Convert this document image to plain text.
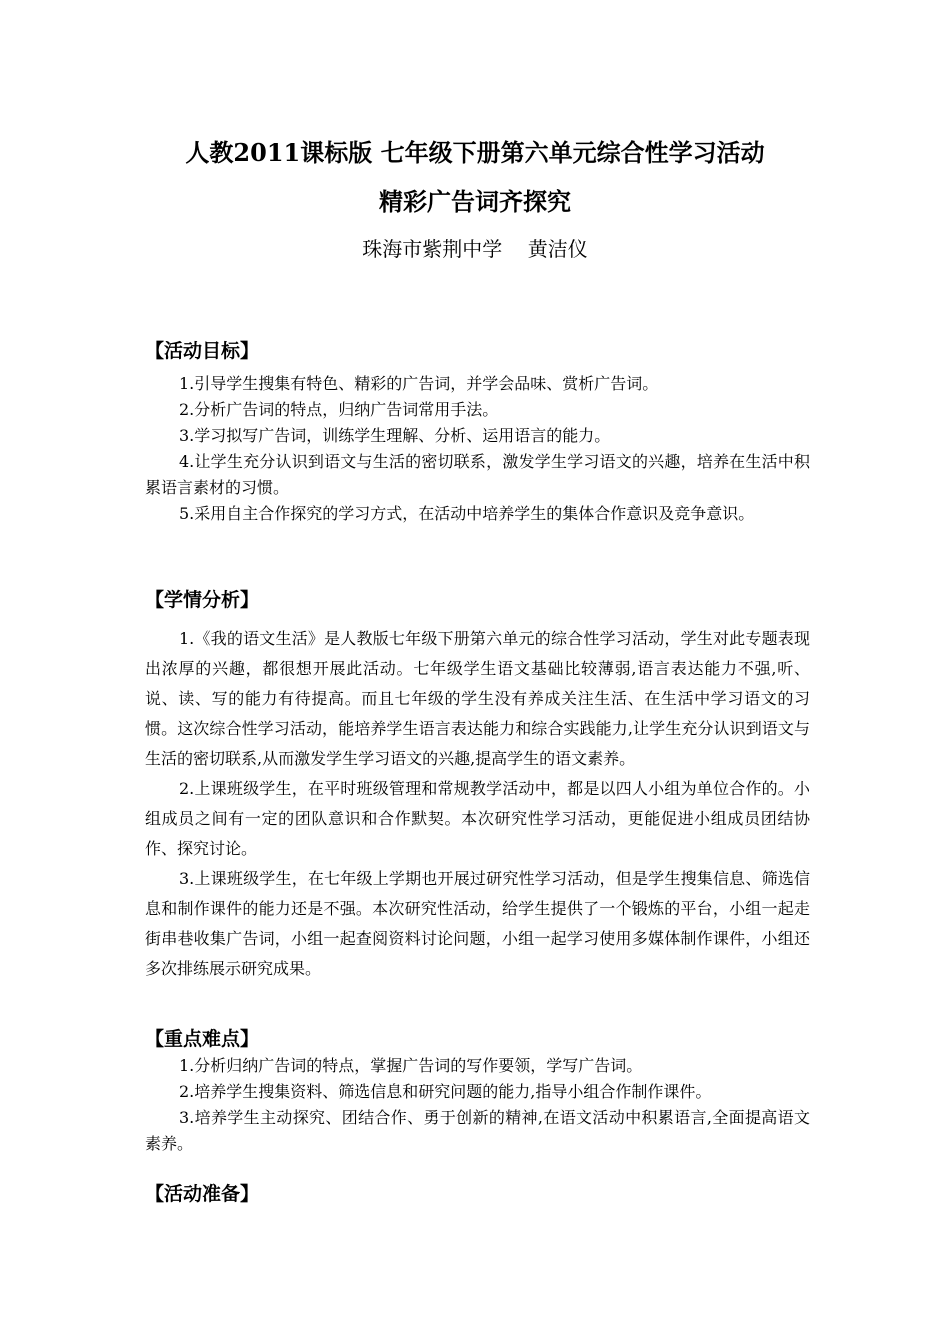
人教2011课标版 七年级下册第六单元综合性学习活动
精彩广告词齐探究
珠海市紫荆中学    黄洁仪
【活动目标】
1.引导学生搜集有特色、精彩的广告词，并学会品味、赏析广告词。
2.分析广告词的特点，归纳广告词常用手法。
3.学习拟写广告词，训练学生理解、分析、运用语言的能力。
4.让学生充分认识到语文与生活的密切联系，激发学生学习语文的兴趣，培养在生活中积累语言素材的习惯。
5.采用自主合作探究的学习方式，在活动中培养学生的集体合作意识及竞争意识。
【学情分析】
1.《我的语文生活》是人教版七年级下册第六单元的综合性学习活动，学生对此专题表现出浓厚的兴趣，都很想开展此活动。七年级学生语文基础比较薄弱,语言表达能力不强,听、说、读、写的能力有待提高。而且七年级的学生没有养成关注生活、在生活中学习语文的习惯。这次综合性学习活动，能培养学生语言表达能力和综合实践能力,让学生充分认识到语文与生活的密切联系,从而激发学生学习语文的兴趣,提高学生的语文素养。
2.上课班级学生，在平时班级管理和常规教学活动中，都是以四人小组为单位合作的。小组成员之间有一定的团队意识和合作默契。本次研究性学习活动，更能促进小组成员团结协作、探究讨论。
3.上课班级学生，在七年级上学期也开展过研究性学习活动，但是学生搜集信息、筛选信息和制作课件的能力还是不强。本次研究性活动，给学生提供了一个锻炼的平台，小组一起走街串巷收集广告词，小组一起查阅资料讨论问题，小组一起学习使用多媒体制作课件，小组还多次排练展示研究成果。
【重点难点】
1.分析归纳广告词的特点，掌握广告词的写作要领，学写广告词。
2.培养学生搜集资料、筛选信息和研究问题的能力,指导小组合作制作课件。
3.培养学生主动探究、团结合作、勇于创新的精神,在语文活动中积累语言,全面提高语文素养。
【活动准备】
